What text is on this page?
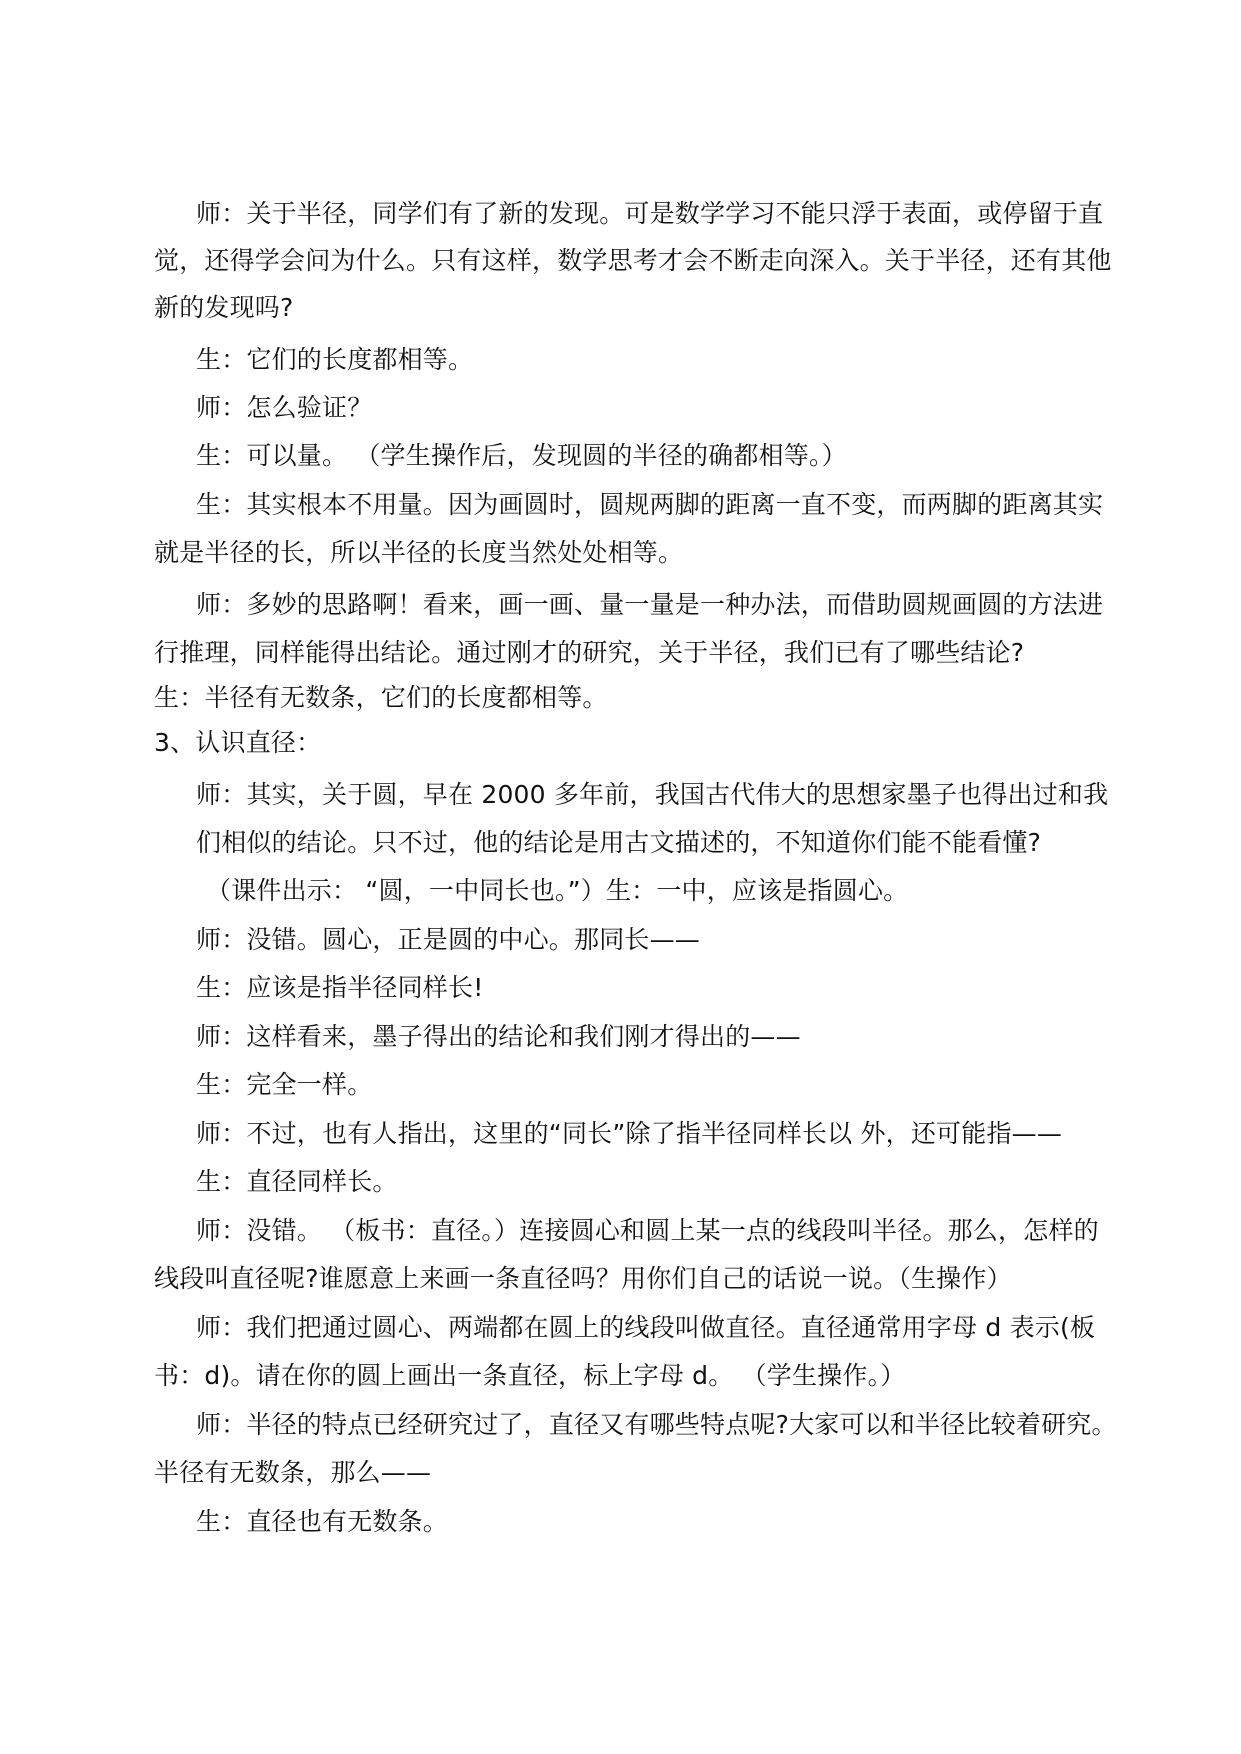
师：关于半径，同学们有了新的发现。可是数学学习不能只浮于表面，或停留于直
觉，还得学会问为什么。只有这样，数学思考才会不断走向深入。关于半径，还有其他
新的发现吗?
生：它们的长度都相等。
师：怎么验证？
生：可以量。 （学生操作后，发现圆的半径的确都相等。）
生：其实根本不用量。因为画圆时，圆规两脚的距离一直不变，而两脚的距离其实
就是半径的长，所以半径的长度当然处处相等。
师：多妙的思路啊！看来，画一画、量一量是一种办法，而借助圆规画圆的方法进
行推理，同样能得出结论。通过刚才的研究，关于半径，我们已有了哪些结论?
生：半径有无数条，它们的长度都相等。
3、认识直径：
师：其实，关于圆，早在 2000 多年前，我国古代伟大的思想家墨子也得出过和我
们相似的结论。只不过，他的结论是用古文描述的，不知道你们能不能看懂?
（课件出示： “圆，一中同长也。”）生：一中，应该是指圆心。
师：没错。圆心，正是圆的中心。那同长——
生：应该是指半径同样长!
师：这样看来，墨子得出的结论和我们刚才得出的——
生：完全一样。
师：不过，也有人指出，这里的“同长”除了指半径同样长以 外，还可能指——
生：直径同样长。
师：没错。 （板书：直径。）连接圆心和圆上某一点的线段叫半径。那么，怎样的
线段叫直径呢?谁愿意上来画一条直径吗？用你们自己的话说一说。（生操作）
师：我们把通过圆心、两端都在圆上的线段叫做直径。直径通常用字母 d 表示(板
书：d)。请在你的圆上画出一条直径，标上字母 d。 （学生操作。）
师：半径的特点已经研究过了，直径又有哪些特点呢?大家可以和半径比较着研究。
半径有无数条，那么——
生：直径也有无数条。
